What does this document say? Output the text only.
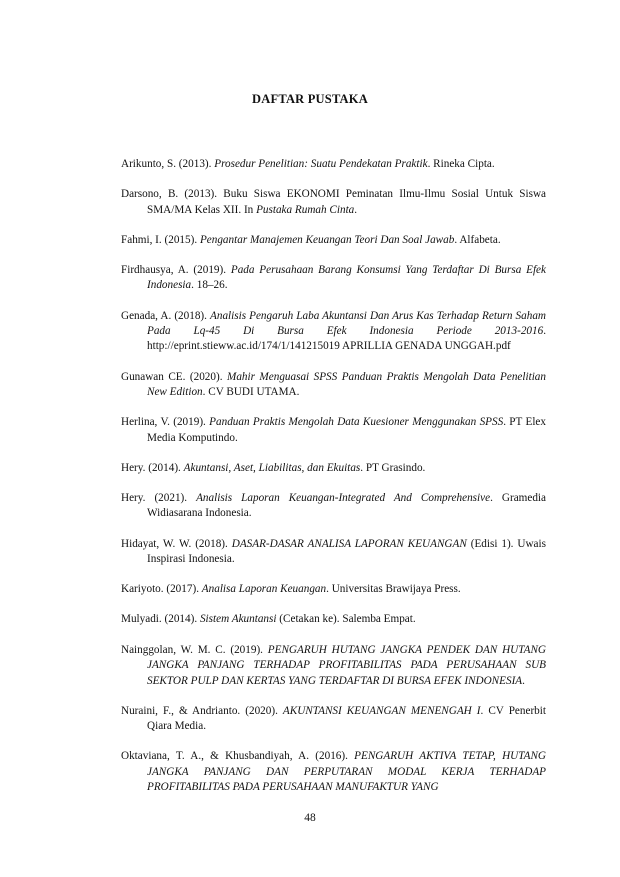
DAFTAR PUSTAKA

Arikunto, S. (2013). Prosedur Penelitian: Suatu Pendekatan Praktik. Rineka Cipta.

Darsono, B. (2013). Buku Siswa EKONOMI Peminatan Ilmu-Ilmu Sosial Untuk Siswa SMA/MA Kelas XII. In Pustaka Rumah Cinta.

Fahmi, I. (2015). Pengantar Manajemen Keuangan Teori Dan Soal Jawab. Alfabeta.

Firdhausya, A. (2019). Pada Perusahaan Barang Konsumsi Yang Terdaftar Di Bursa Efek Indonesia. 18–26.

Genada, A. (2018). Analisis Pengaruh Laba Akuntansi Dan Arus Kas Terhadap Return Saham Pada Lq-45 Di Bursa Efek Indonesia Periode 2013-2016. http://eprint.stieww.ac.id/174/1/141215019 APRILLIA GENADA UNGGAH.pdf

Gunawan CE. (2020). Mahir Menguasai SPSS Panduan Praktis Mengolah Data Penelitian New Edition. CV BUDI UTAMA.

Herlina, V. (2019). Panduan Praktis Mengolah Data Kuesioner Menggunakan SPSS. PT Elex Media Komputindo.

Hery. (2014). Akuntansi, Aset, Liabilitas, dan Ekuitas. PT Grasindo.

Hery. (2021). Analisis Laporan Keuangan-Integrated And Comprehensive. Gramedia Widiasarana Indonesia.

Hidayat, W. W. (2018). DASAR-DASAR ANALISA LAPORAN KEUANGAN (Edisi 1). Uwais Inspirasi Indonesia.

Kariyoto. (2017). Analisa Laporan Keuangan. Universitas Brawijaya Press.

Mulyadi. (2014). Sistem Akuntansi (Cetakan ke). Salemba Empat.

Nainggolan, W. M. C. (2019). PENGARUH HUTANG JANGKA PENDEK DAN HUTANG JANGKA PANJANG TERHADAP PROFITABILITAS PADA PERUSAHAAN SUB SEKTOR PULP DAN KERTAS YANG TERDAFTAR DI BURSA EFEK INDONESIA.

Nuraini, F., & Andrianto. (2020). AKUNTANSI KEUANGAN MENENGAH I. CV Penerbit Qiara Media.

Oktaviana, T. A., & Khusbandiyah, A. (2016). PENGARUH AKTIVA TETAP, HUTANG JANGKA PANJANG DAN PERPUTARAN MODAL KERJA TERHADAP PROFITABILITAS PADA PERUSAHAAN MANUFAKTUR YANG

48
